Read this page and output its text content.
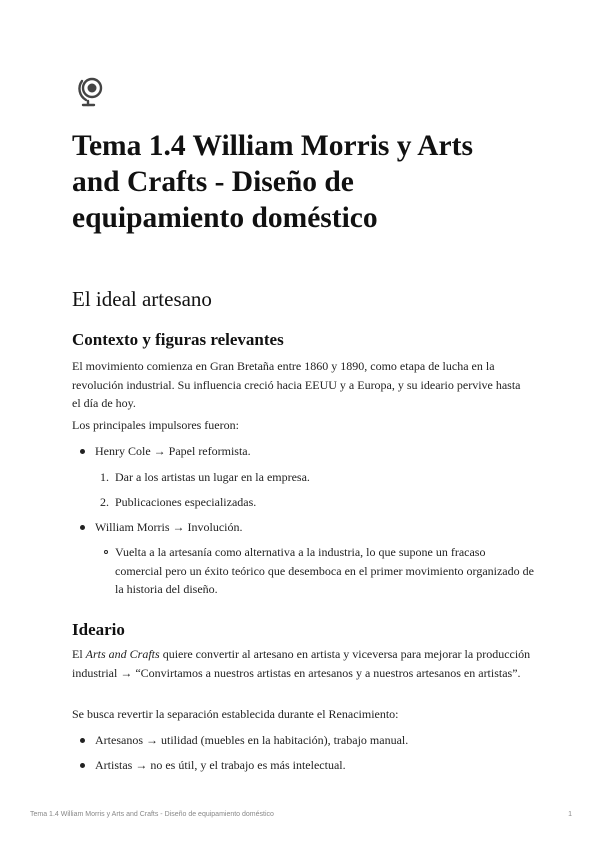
Tema 1.4 William Morris y Arts and Crafts - Diseño de equipamiento doméstico
El ideal artesano
Contexto y figuras relevantes

El movimiento comienza en Gran Bretaña entre 1860 y 1890, como etapa de lucha en la revolución industrial. Su influencia creció hacia EEUU y a Europa, y su ideario pervive hasta el día de hoy.

Los principales impulsores fueron:

Henry Cole → Papel reformista.

1. Dar a los artistas un lugar en la empresa.

2. Publicaciones especializadas.

William Morris → Involución.

Vuelta a la artesanía como alternativa a la industria, lo que supone un fracaso comercial pero un éxito teórico que desemboca en el primer movimiento organizado de la historia del diseño.

Ideario

El Arts and Crafts quiere convertir al artesano en artista y viceversa para mejorar la producción industrial → “Convirtamos a nuestros artistas en artesanos y a nuestros artesanos en artistas”.

Se busca revertir la separación establecida durante el Renacimiento:

Artesanos → utilidad (muebles en la habitación), trabajo manual.

Artistas → no es útil, y el trabajo es más intelectual.

Tema 1.4 William Morris y Arts and Crafts - Diseño de equipamiento doméstico	1
